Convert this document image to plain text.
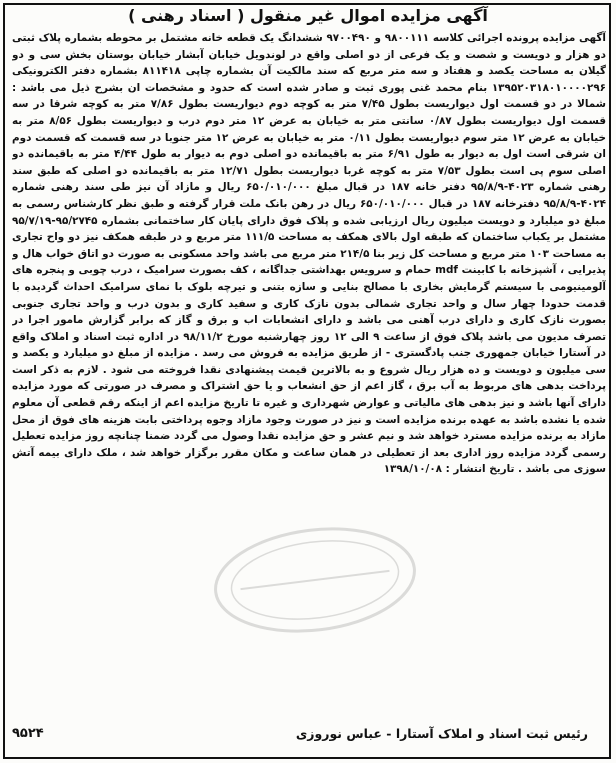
آگهی مزایده اموال غیر منقول ( اسناد رهنی )
آگهی مزایده پرونده اجرائی کلاسه ۹۸۰۰۱۱۱ و ۹۷۰۰۴۹۰ ششدانگ یک قطعه خانه مشتمل بر محوطه بشماره پلاک ثبتی دو هزار و دویست و شصت و یک فرعی از دو اصلی واقع در لوندویل خیابان آبشار خیابان بوستان بخش سی و دو گیلان به مساحت یکصد و هفتاد و سه متر مربع که سند مالکیت آن بشماره چاپی ۸۱۱۴۱۸ بشماره دفتر الکترونیکی ۱۳۹۵۲۰۳۱۸۰۱۰۰۰۰۲۹۶ بنام محمد غنی پوری ثبت و صادر شده است که حدود و مشخصات ان بشرح ذیل می باشد : شمالا در دو قسمت اول دیواریست بطول ۷/۴۵ متر به کوچه دوم دیواریست بطول ۷/۸۶ متر به کوچه شرقا در سه قسمت اول دیواریست بطول ۰/۸۷ سانتی متر به خیابان به عرض ۱۲ متر دوم درب و دیواریست بطول ۸/۵۶ متر به خیابان به عرض ۱۲ متر سوم دیواریست بطول ۰/۱۱ متر به خیابان به عرض ۱۲ متر جنوبا در سه قسمت که قسمت دوم ان شرقی است اول به دیوار به طول ۶/۹۱ متر به باقیمانده دو اصلی دوم به دیوار به طول ۴/۴۴ متر به باقیمانده دو اصلی سوم پی است بطول ۷/۵۳ متر به کوچه غربا دیواریست بطول ۱۲/۷۱ متر به باقیمانده دو اصلی که طبق سند رهنی شماره ۴۰۲۳-۹۵/۸/۹ دفتر خانه ۱۸۷ در قبال مبلغ ۶۵۰/۰۱۰/۰۰۰ ریال و مازاد آن نیز طی سند رهنی شماره ۴۰۲۴-۹۵/۸/۹ دفترخانه ۱۸۷ در قبال ۶۵۰/۰۱۰/۰۰۰ ریال در رهن بانک ملت قرار گرفته و طبق نظر کارشناس رسمی به مبلغ دو میلیارد و دویست میلیون ریال ارزیابی شده و پلاک فوق دارای پایان کار ساختمانی بشماره ۹۵/۲۷۴۵-۹۵/۷/۱۹ مشتمل بر یکباب ساختمان که طبقه اول بالای همکف به مساحت ۱۱۱/۵ متر مربع و در طبقه همکف نیز دو واح تجاری به مساحت ۱۰۳ متر مربع و مساحت کل زیر بنا ۲۱۴/۵ متر مربع می باشد واحد مسکونی به صورت دو اتاق خواب هال و پذیرایی ، آشپزخانه با کابینت mdf حمام و سرویس بهداشتی جداگانه ، کف بصورت سرامیک ، درب چوبی و پنجره های آلومینیومی با سیستم گرمایش بخاری با مصالح بنایی و سازه بتنی و تیرچه بلوک با نمای سرامیک احداث گردیده با قدمت حدودا چهار سال و واحد تجاری شمالی بدون نازک کاری و سفید کاری و بدون درب و واحد تجاری جنوبی بصورت نازک کاری و دارای درب آهنی می باشد و دارای انشعابات اب و برق و گاز که برابر گزارش مامور اجرا در تصرف مدیون می باشد پلاک فوق از ساعت ۹ الی ۱۲ روز چهارشنبه مورخ ۹۸/۱۱/۲ در اداره ثبت اسناد و املاک واقع در آستارا خیابان جمهوری جنب پادگستری - از طریق مزایده به فروش می رسد . مزایده از مبلغ دو میلیارد و یکصد و سی میلیون و دویست و ده هزار ریال شروع و به بالاترین قیمت پیشنهادی نقدا فروخته می شود . لازم به ذکر است پرداخت بدهی های مربوط به آب برق ، گاز اعم از حق انشعاب و یا حق اشتراک و مصرف در صورتی که مورد مزایده دارای آنها باشد و نیز بدهی های مالیاتی و عوارض شهرداری و غیره تا تاریخ مزایده اعم از اینکه رقم قطعی آن معلوم شده یا نشده باشد به عهده برنده مزایده است و نیز در صورت وجود مازاد وجوه پرداختی بابت هزینه های فوق از محل مازاد به برنده مزایده مسترد خواهد شد و نیم عشر و حق مزایده نقدا وصول می گردد ضمنا چنانچه روز مزایده تعطیل رسمی گردد مزایده روز اداری بعد از تعطیلی در همان ساعت و مکان مقرر برگزار خواهد شد ، ملک دارای بیمه آتش سوزی می باشد . تاریخ انتشار : ۱۳۹۸/۱۰/۰۸
رئیس ثبت اسناد و املاک آستارا - عباس نوروزی
۹۵۲۴
